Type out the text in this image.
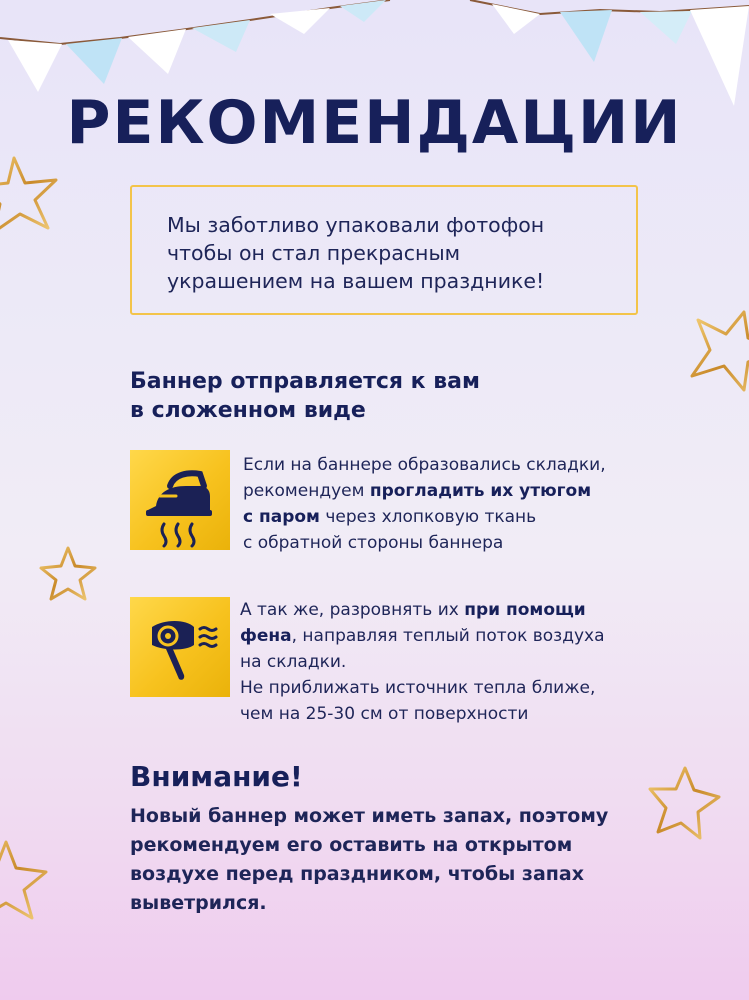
РЕКОМЕНДАЦИИ
Мы заботливо упаковали фотофон
чтобы он стал прекрасным
украшением на вашем празднике!
Баннер отправляется к вам
в сложенном виде
Если на баннере образовались складки,
рекомендуем прогладить их утюгом
с паром через хлопковую ткань
с обратной стороны баннера
А так же, разровнять их при помощи
фена, направляя теплый поток воздуха
на складки.
Не приближать источник тепла ближе,
чем на 25-30 см от поверхности
Внимание!
Новый баннер может иметь запах, поэтому
рекомендуем его оставить на открытом
воздухе перед праздником, чтобы запах
выветрился.
